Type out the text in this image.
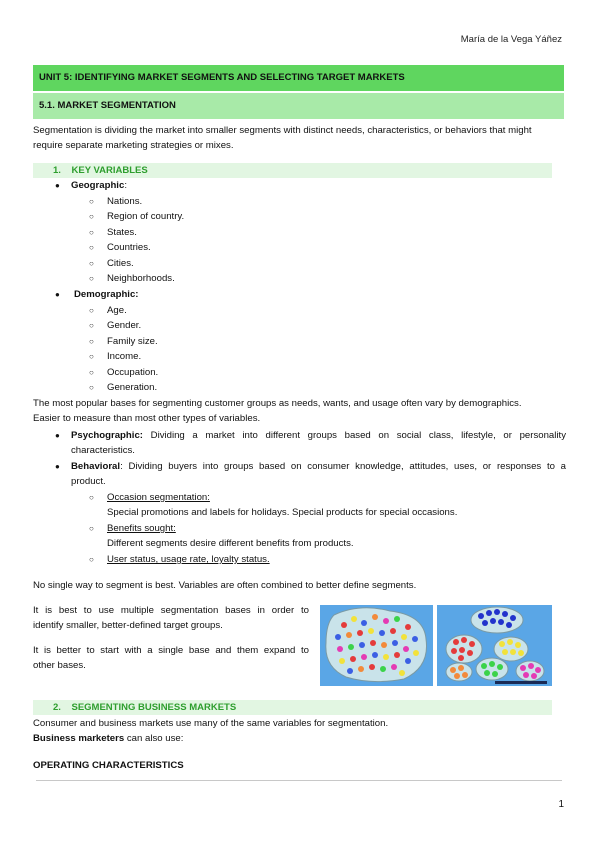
María de la Vega Yáñez
UNIT 5: IDENTIFYING MARKET SEGMENTS AND SELECTING TARGET MARKETS
5.1. MARKET SEGMENTATION
Segmentation is dividing the market into smaller segments with distinct needs, characteristics, or behaviors that might
require separate marketing strategies or mixes.
1. KEY VARIABLES
● Geographic:
○ Nations.
○ Region of country.
○ States.
○ Countries.
○ Cities.
○ Neighborhoods.
● Demographic:
○ Age.
○ Gender.
○ Family size.
○ Income.
○ Occupation.
○ Generation.
The most popular bases for segmenting customer groups as needs, wants, and usage often vary by demographics.
Easier to measure than most other types of variables.
● Psychographic: Dividing a market into different groups based on social class, lifestyle, or personality
characteristics.
● Behavioral: Dividing buyers into groups based on consumer knowledge, attitudes, uses, or responses to a
product.
○ Occasion segmentation:
Special promotions and labels for holidays. Special products for special occasions.
○ Benefits sought:
Different segments desire different benefits from products.
○ User status, usage rate, loyalty status.
No single way to segment is best. Variables are often combined to better define segments.
It is best to use multiple segmentation bases in order to
identify smaller, better-defined target groups.
It is better to start with a single base and them expand to
other bases.
2. SEGMENTING BUSINESS MARKETS
Consumer and business markets use many of the same variables for segmentation.
Business marketers can also use:
OPERATING CHARACTERISTICS
1
